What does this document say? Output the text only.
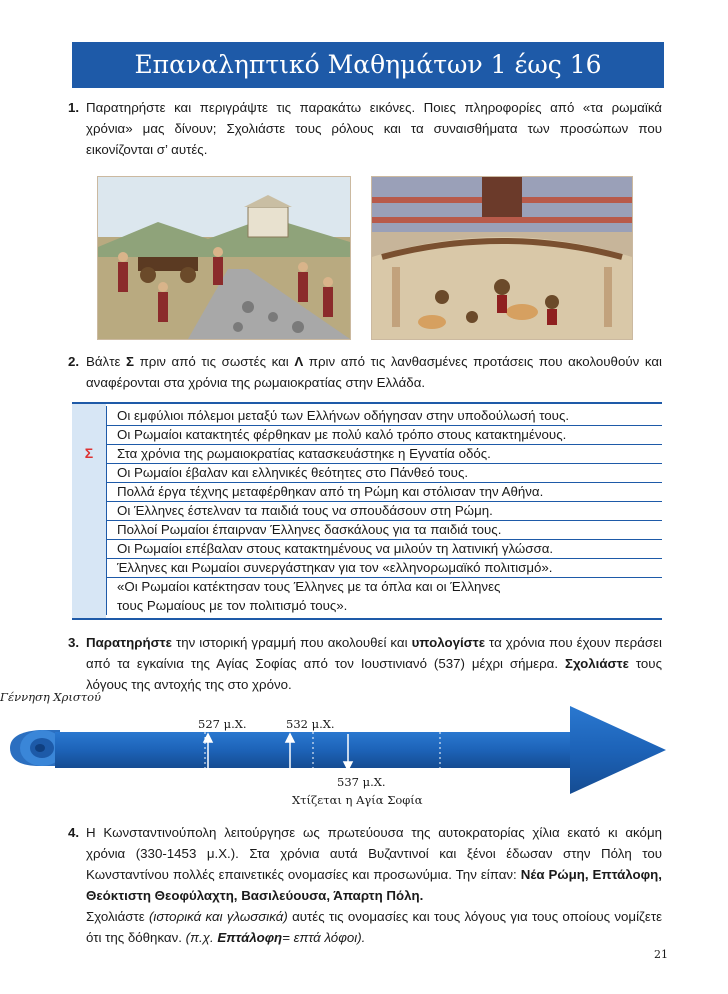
Επαναληπτικό Μαθημάτων 1 έως 16
1. Παρατηρήστε και περιγράψτε τις παρακάτω εικόνες. Ποιες πληροφορίες από «τα ρωμαϊκά χρόνια» μας δίνουν; Σχολιάστε τους ρόλους και τα συναισθήματα των προσώπων που εικονίζονται σ’ αυτές.
2. Βάλτε Σ πριν από τις σωστές και Λ πριν από τις λανθασμένες προτάσεις που ακολουθούν και αναφέρονται στα χρόνια της ρωμαιοκρατίας στην Ελλάδα.
Οι εμφύλιοι πόλεμοι μεταξύ των Ελλήνων οδήγησαν στην υποδούλωσή τους.
Οι Ρωμαίοι κατακτητές φέρθηκαν με πολύ καλό τρόπο στους κατακτημένους.
Σ	Στα χρόνια της ρωμαιοκρατίας κατασκευάστηκε η Εγνατία οδός.
Οι Ρωμαίοι έβαλαν και ελληνικές θεότητες στο Πάνθεό τους.
Πολλά έργα τέχνης μεταφέρθηκαν από τη Ρώμη και στόλισαν την Αθήνα.
Οι Έλληνες έστελναν τα παιδιά τους να σπουδάσουν στη Ρώμη.
Πολλοί Ρωμαίοι έπαιρναν Έλληνες δασκάλους για τα παιδιά τους.
Οι Ρωμαίοι επέβαλαν στους κατακτημένους να μιλούν τη λατινική γλώσσα.
Έλληνες και Ρωμαίοι συνεργάστηκαν για τον «ελληνορωμαϊκό πολιτισμό».
«Οι Ρωμαίοι κατέκτησαν τους Έλληνες με τα όπλα και οι Έλληνες
τους Ρωμαίους με τον πολιτισμό τους».
3. Παρατηρήστε την ιστορική γραμμή που ακολουθεί και υπολογίστε τα χρόνια που έχουν περάσει από τα εγκαίνια της Αγίας Σοφίας από τον Ιουστινιανό (537) μέχρι σήμερα. Σχολιάστε τους λόγους της αντοχής της στο χρόνο.
Γέννηση Χριστού
527 μ.Χ.	532 μ.Χ.
537 μ.Χ.
Χτίζεται η Αγία Σοφία
4. Η Κωνσταντινούπολη λειτούργησε ως πρωτεύουσα της αυτοκρατορίας χίλια εκατό κι ακόμη χρόνια (330-1453 μ.Χ.). Στα χρόνια αυτά Βυζαντινοί και ξένοι έδωσαν στην Πόλη του Κωνσταντίνου πολλές επαινετικές ονομασίες και προσωνύμια. Την είπαν: Νέα Ρώμη, Επτάλοφη, Θεόκτιστη Θεοφύλαχτη, Βασιλεύουσα, Άπαρτη Πόλη.
Σχολιάστε (ιστορικά και γλωσσικά) αυτές τις ονομασίες και τους λόγους για τους οποίους νομίζετε ότι της δόθηκαν. (π.χ. Επτάλοφη= επτά λόφοι).
21
